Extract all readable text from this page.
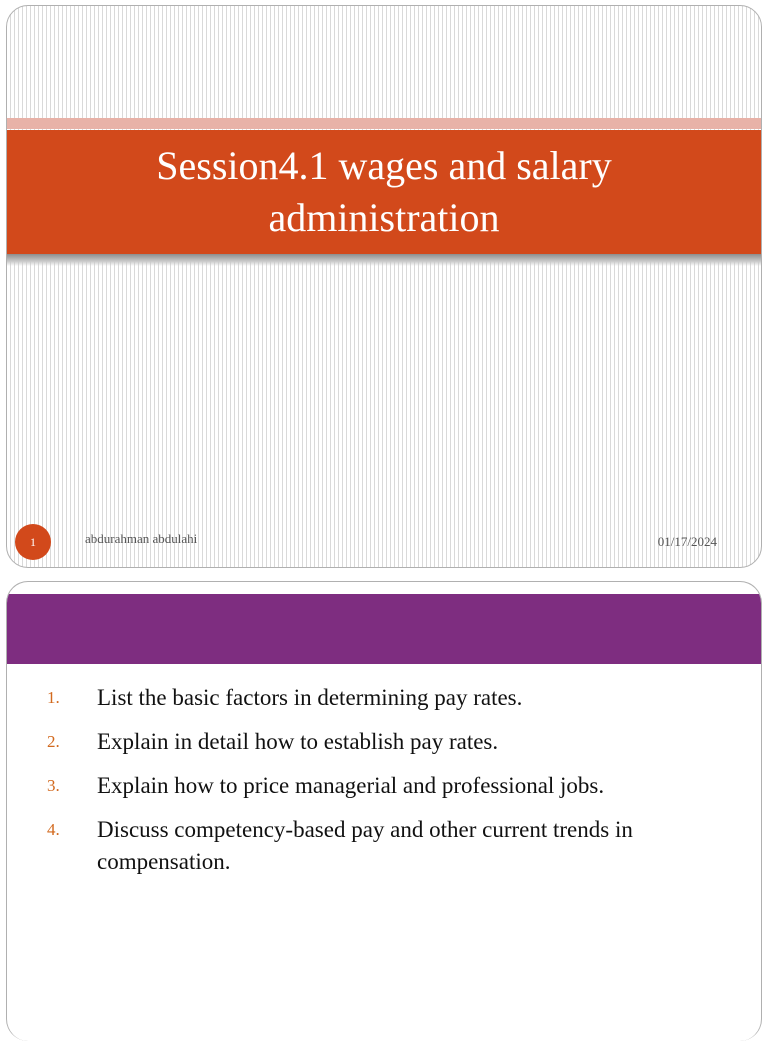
Session4.1 wages and salary administration
1	abdurahman abdulahi	01/17/2024
1.	List the basic factors in determining pay rates.
2.	Explain in detail how to establish pay rates.
3.	Explain how to price managerial and professional jobs.
4.	Discuss competency-based pay and other current trends in compensation.
